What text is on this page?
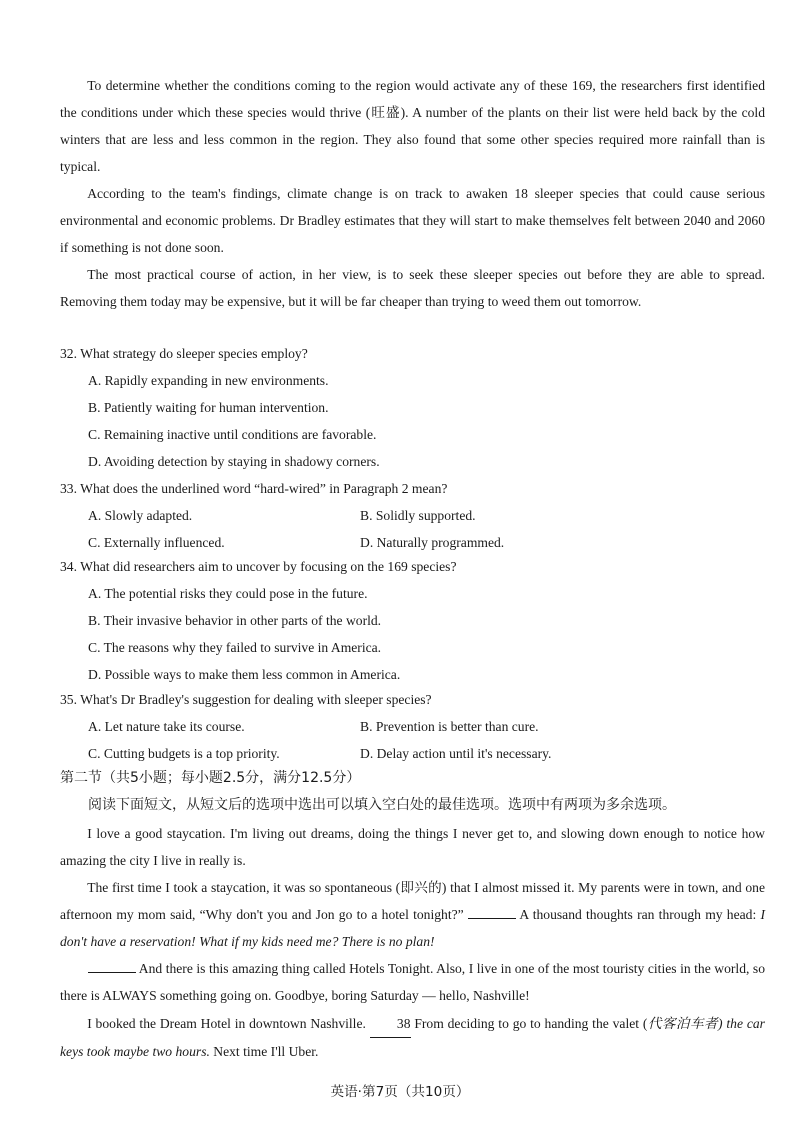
To determine whether the conditions coming to the region would activate any of these 169, the researchers first identified the conditions under which these species would thrive (旺盛). A number of the plants on their list were held back by the cold winters that are less and less common in the region. They also found that some other species required more rainfall than is typical.
According to the team's findings, climate change is on track to awaken 18 sleeper species that could cause serious environmental and economic problems. Dr Bradley estimates that they will start to make themselves felt between 2040 and 2060 if something is not done soon.
The most practical course of action, in her view, is to seek these sleeper species out before they are able to spread. Removing them today may be expensive, but it will be far cheaper than trying to weed them out tomorrow.
32. What strategy do sleeper species employ?
A. Rapidly expanding in new environments.
B. Patiently waiting for human intervention.
C. Remaining inactive until conditions are favorable.
D. Avoiding detection by staying in shadowy corners.
33. What does the underlined word “hard-wired” in Paragraph 2 mean?
A. Slowly adapted.	B. Solidly supported.
C. Externally influenced.	D. Naturally programmed.
34. What did researchers aim to uncover by focusing on the 169 species?
A. The potential risks they could pose in the future.
B. Their invasive behavior in other parts of the world.
C. The reasons why they failed to survive in America.
D. Possible ways to make them less common in America.
35. What's Dr Bradley's suggestion for dealing with sleeper species?
A. Let nature take its course.	B. Prevention is better than cure.
C. Cutting budgets is a top priority.	D. Delay action until it's necessary.
第二节（共5小题；每小题2.5分，满分12.5分）
阅读下面短文，从短文后的选项中选出可以填入空白处的最佳选项。选项中有两项为多余选项。
I love a good staycation. I'm living out dreams, doing the things I never get to, and slowing down enough to notice how amazing the city I live in really is.
The first time I took a staycation, it was so spontaneous (即兴的) that I almost missed it. My parents were in town, and one afternoon my mom said, “Why don't you and Jon go to a hotel tonight?”	A thousand thoughts ran through my head: I don't have a reservation! What if my kids need me? There is no plan!
And there is this amazing thing called Hotels Tonight. Also, I live in one of the most touristy cities in the world, so there is ALWAYS something going on. Goodbye, boring Saturday — hello, Nashville!
I booked the Dream Hotel in downtown Nashville. 38 From deciding to go to handing the valet (代客泊车者) the car keys took maybe two hours. Next time I'll Uber.
英语·第7页（共10页）
